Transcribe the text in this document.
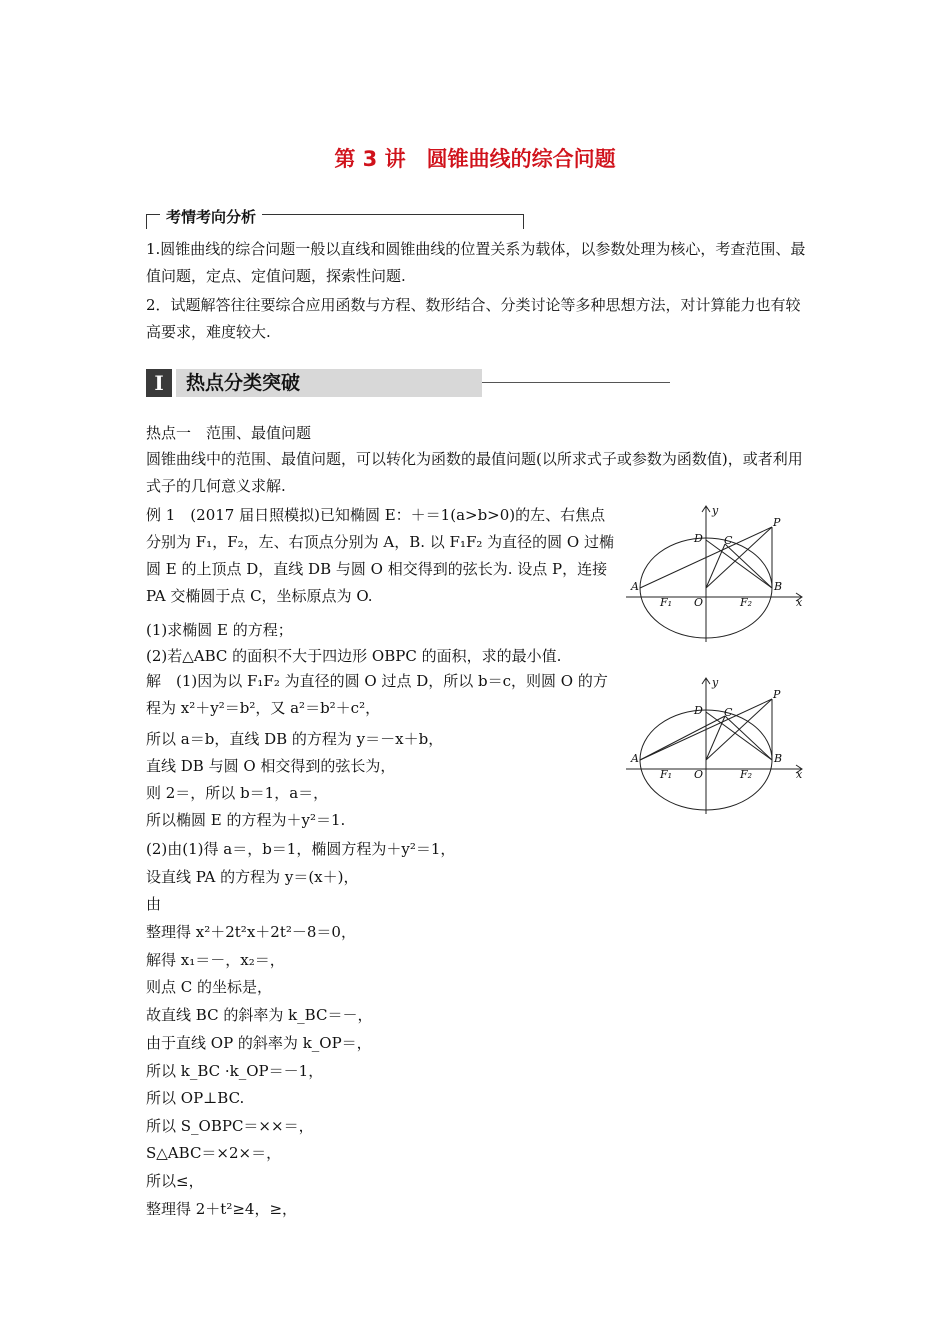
第 3 讲　圆锥曲线的综合问题
考情考向分析
1.圆锥曲线的综合问题一般以直线和圆锥曲线的位置关系为载体，以参数处理为核心，考查范围、最值问题，定点、定值问题，探索性问题.
2．试题解答往往要综合应用函数与方程、数形结合、分类讨论等多种思想方法，对计算能力也有较高要求，难度较大.
I	热点分类突破
热点一　范围、最值问题
圆锥曲线中的范围、最值问题，可以转化为函数的最值问题(以所求式子或参数为函数值)，或者利用式子的几何意义求解.
例 1　(2017 届日照模拟)已知椭圆 E：＋＝1(a>b>0)的左、右焦点分别为 F₁，F₂，左、右顶点分别为 A，B. 以 F₁F₂ 为直径的圆 O 过椭圆 E 的上顶点 D，直线 DB 与圆 O 相交得到的弦长为. 设点 P，连接 PA 交椭圆于点 C，坐标原点为 O.
(1)求椭圆 E 的方程；
(2)若△ABC 的面积不大于四边形 OBPC 的面积，求的最小值.
解　(1)因为以 F₁F₂ 为直径的圆 O 过点 D，所以 b＝c，则圆 O 的方程为 x²＋y²＝b²，又 a²＝b²＋c²，
所以 a＝b，直线 DB 的方程为 y＝－x＋b，
直线 DB 与圆 O 相交得到的弦长为，
则 2＝，所以 b＝1，a＝，
所以椭圆 E 的方程为＋y²＝1.
(2)由(1)得 a＝，b＝1，椭圆方程为＋y²＝1，
设直线 PA 的方程为 y＝(x＋)，
由
整理得 x²＋2t²x＋2t²－8＝0，
解得 x₁＝－，x₂＝，
则点 C 的坐标是，
故直线 BC 的斜率为 k_BC＝－，
由于直线 OP 的斜率为 k_OP＝，
所以 k_BC ·k_OP＝－1，
所以 OP⊥BC.
所以 S_OBPC＝××＝，
S△ABC＝×2×＝，
所以≤，
整理得 2＋t²≥4，≥，
y
P
C
D
A	B
O
F₁	F₂	x
y
P
C
D
A	B
O
F₁	F₂	x
